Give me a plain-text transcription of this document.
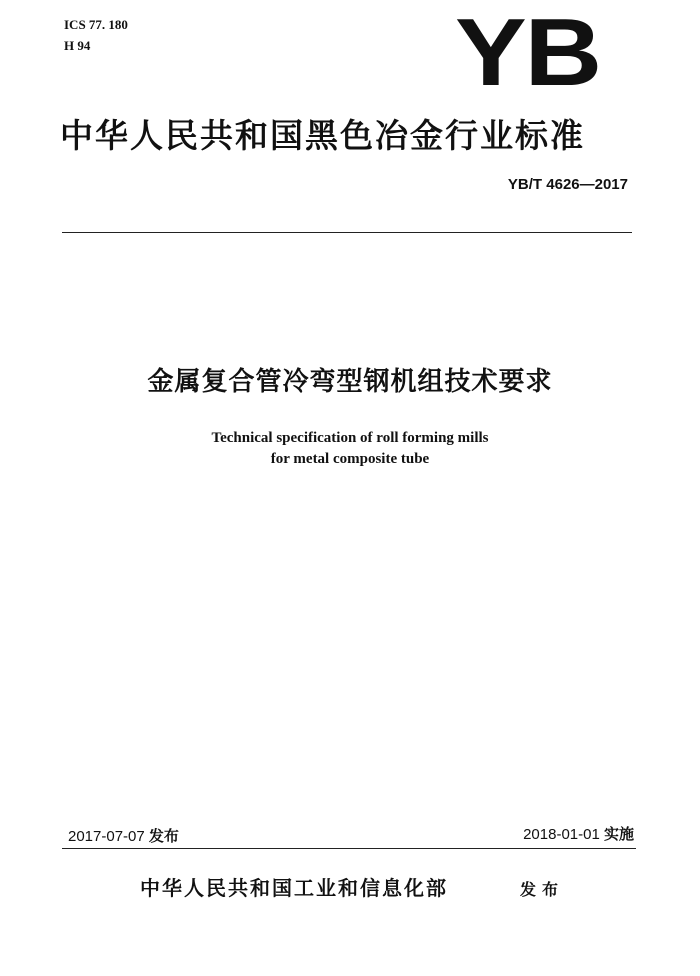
ICS 77. 180
H 94	YB
中华人民共和国黑色冶金行业标准
YB/T 4626—2017
金属复合管冷弯型钢机组技术要求
Technical specification of roll forming mills
for metal composite tube
2017-07-07 发布	2018-01-01 实施
中华人民共和国工业和信息化部	发布
